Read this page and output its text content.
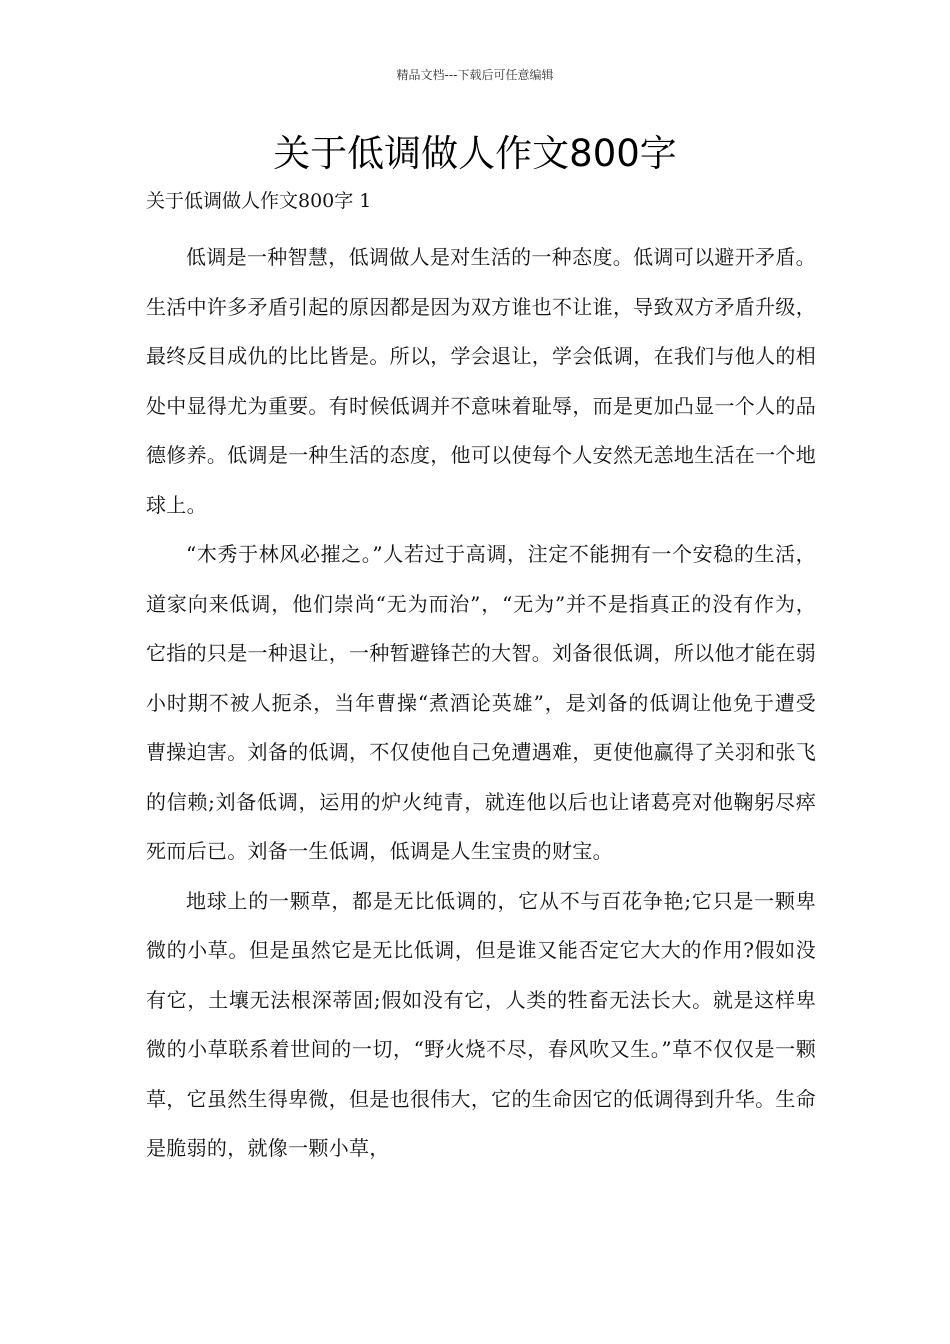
精品文档---下载后可任意编辑
关于低调做人作文800字
关于低调做人作文800字 1

低调是一种智慧，低调做人是对生活的一种态度。低调可以避开矛盾。生活中许多矛盾引起的原因都是因为双方谁也不让谁，导致双方矛盾升级，最终反目成仇的比比皆是。所以，学会退让，学会低调，在我们与他人的相处中显得尤为重要。有时候低调并不意味着耻辱，而是更加凸显一个人的品德修养。低调是一种生活的态度，他可以使每个人安然无恙地生活在一个地球上。

“木秀于林风必摧之。”人若过于高调，注定不能拥有一个安稳的生活，道家向来低调，他们崇尚“无为而治”，“无为”并不是指真正的没有作为，它指的只是一种退让，一种暂避锋芒的大智。刘备很低调，所以他才能在弱小时期不被人扼杀，当年曹操“煮酒论英雄”，是刘备的低调让他免于遭受曹操迫害。刘备的低调，不仅使他自己免遭遇难，更使他赢得了关羽和张飞的信赖;刘备低调，运用的炉火纯青，就连他以后也让诸葛亮对他鞠躬尽瘁死而后已。刘备一生低调，低调是人生宝贵的财宝。

地球上的一颗草，都是无比低调的，它从不与百花争艳;它只是一颗卑微的小草。但是虽然它是无比低调，但是谁又能否定它大大的作用?假如没有它，土壤无法根深蒂固;假如没有它，人类的牲畜无法长大。就是这样卑微的小草联系着世间的一切，“野火烧不尽，春风吹又生。”草不仅仅是一颗草，它虽然生得卑微，但是也很伟大，它的生命因它的低调得到升华。生命是脆弱的，就像一颗小草，
